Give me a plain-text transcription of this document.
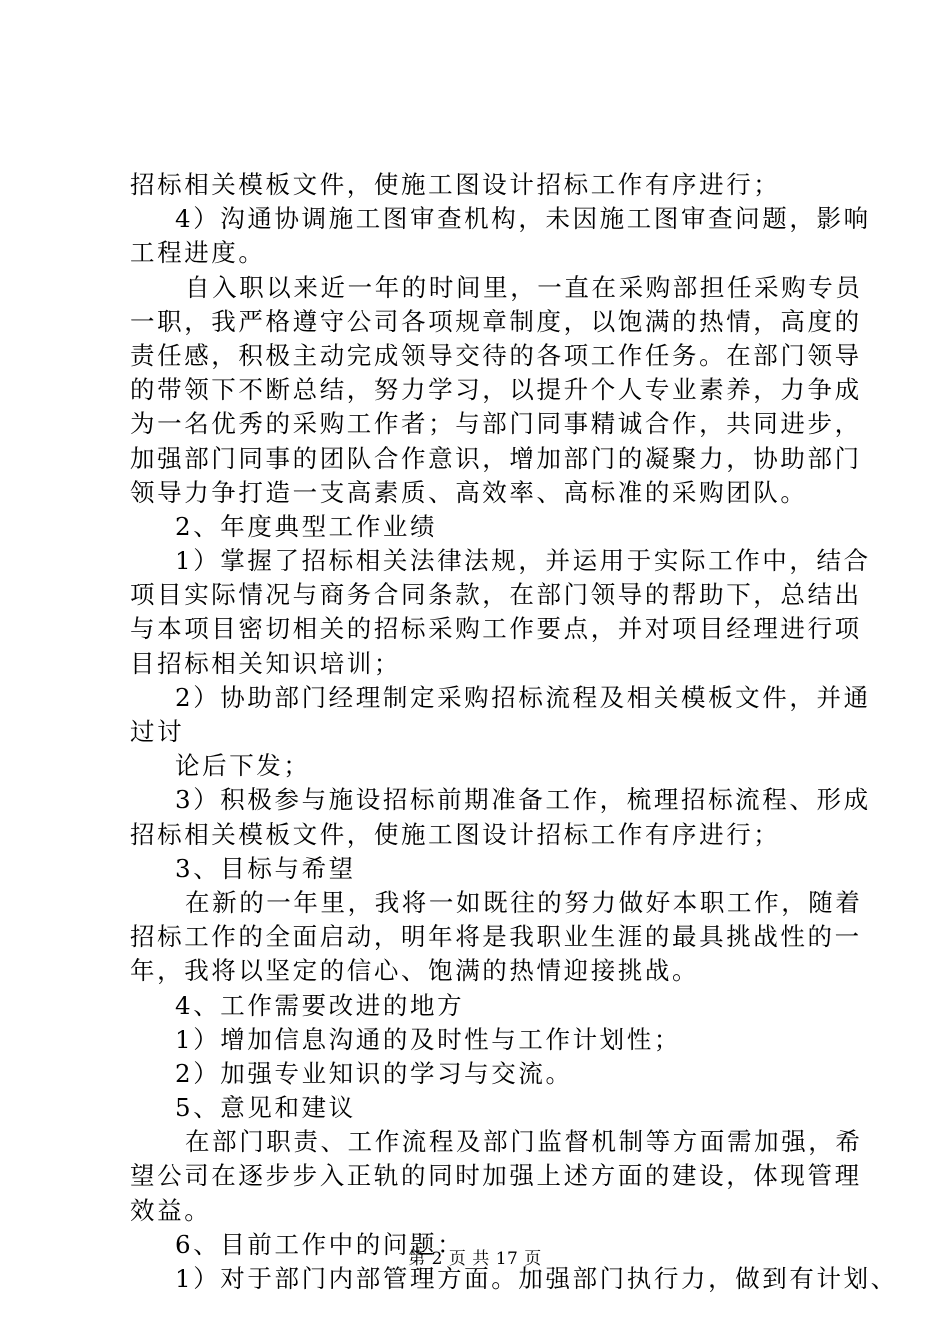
招标相关模板文件，使施工图设计招标工作有序进行；
4）沟通协调施工图审查机构，未因施工图审查问题，影响
工程进度。
自入职以来近一年的时间里，一直在采购部担任采购专员
一职，我严格遵守公司各项规章制度，以饱满的热情，高度的
责任感，积极主动完成领导交待的各项工作任务。在部门领导
的带领下不断总结，努力学习，以提升个人专业素养，力争成
为一名优秀的采购工作者；与部门同事精诚合作，共同进步，
加强部门同事的团队合作意识，增加部门的凝聚力，协助部门
领导力争打造一支高素质、高效率、高标准的采购团队。
2、年度典型工作业绩
1）掌握了招标相关法律法规，并运用于实际工作中，结合
项目实际情况与商务合同条款，在部门领导的帮助下，总结出
与本项目密切相关的招标采购工作要点，并对项目经理进行项
目招标相关知识培训；
2）协助部门经理制定采购招标流程及相关模板文件，并通
过讨
论后下发；
3）积极参与施设招标前期准备工作，梳理招标流程、形成
招标相关模板文件，使施工图设计招标工作有序进行；
3、目标与希望
在新的一年里，我将一如既往的努力做好本职工作，随着
招标工作的全面启动，明年将是我职业生涯的最具挑战性的一
年，我将以坚定的信心、饱满的热情迎接挑战。
4、工作需要改进的地方
1）增加信息沟通的及时性与工作计划性；
2）加强专业知识的学习与交流。
5、意见和建议
在部门职责、工作流程及部门监督机制等方面需加强，希
望公司在逐步步入正轨的同时加强上述方面的建设，体现管理
效益。
6、目前工作中的问题：
1）对于部门内部管理方面。加强部门执行力，做到有计划、
第 2 页 共 17 页
